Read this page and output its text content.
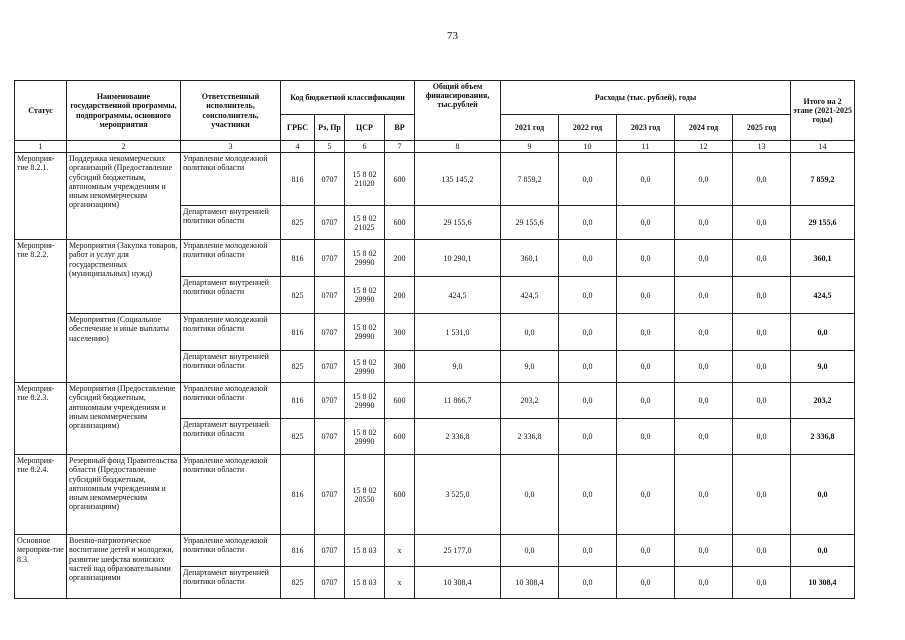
73
Статус	Наименование государственной программы, подпрограммы, основного мероприятия	Ответственный исполнитель, соисполнитель, участники	Код бюджетной классификации				Общий объем финансирования, тыс.рублей	Расходы (тыс. рублей), годы					Итого на 2 этапе (2021-2025 годы)
			ГРБС	Рз, Пр	ЦСР	ВР		2021 год	2022 год	2023 год	2024 год	2025 год	
1	2	3	4	5	6	7	8	9	10	11	12	13	14
Мероприя-тие 8.2.1.	Поддержка некоммерческих организаций (Предоставление субсидий бюджетным, автономным учреждениям и иным некоммерческим организациям)	Управление молодежной политики области	816	0707	15 8 02 21020	600	135 145,2	7 859,2	0,0	0,0	0,0	0,0	7 859,2
		Департамент внутренней политики области	825	0707	15 8 02 21025	600	29 155,6	29 155,6	0,0	0,0	0,0	0,0	29 155,6
Мероприя-тие 8.2.2.	Мероприятия (Закупка товаров, работ и услуг для государственных (муниципальных) нужд)	Управление молодежной политики области	816	0707	15 8 02 29990	200	10 290,1	360,1	0,0	0,0	0,0	0,0	360,1
		Департамент внутренней политики области	825	0707	15 8 02 29990	200	424,5	424,5	0,0	0,0	0,0	0,0	424,5
	Мероприятия (Социальное обеспечение и иные выплаты населению)	Управление молодежной политики области	816	0707	15 8 02 29990	300	1 531,0	0,0	0,0	0,0	0,0	0,0	0,0
		Департамент внутренней политики области	825	0707	15 8 02 29990	300	9,0	9,0	0,0	0,0	0,0	0,0	9,0
Мероприя-тие 8.2.3.	Мероприятия (Предоставление субсидий бюджетным, автономным учреждениям и иным некоммерческим организациям)	Управление молодежной политики области	816	0707	15 8 02 29990	600	11 866,7	203,2	0,0	0,0	0,0	0,0	203,2
		Департамент внутренней политики области	825	0707	15 8 02 29990	600	2 336,8	2 336,8	0,0	0,0	0,0	0,0	2 336,8
Мероприя-тие 8.2.4.	Резервный фонд Правительства области (Предоставление субсидий бюджетным, автономным учреждениям и иным некоммерческим организациям)	Управление молодежной политики области	816	0707	15 8 02 20550	600	3 525,0	0,0	0,0	0,0	0,0	0,0	0,0
Основное мероприя-тие 8.3.	Военно-патриотическое воспитание детей и молодежи, развитие шефства воинских частей над образовательными организациями	Управление молодежной политики области	816	0707	15 8 03	х	25 177,0	0,0	0,0	0,0	0,0	0,0	0,0
		Департамент внутренней политики области	825	0707	15 8 03	х	10 308,4	10 308,4	0,0	0,0	0,0	0,0	10 308,4
